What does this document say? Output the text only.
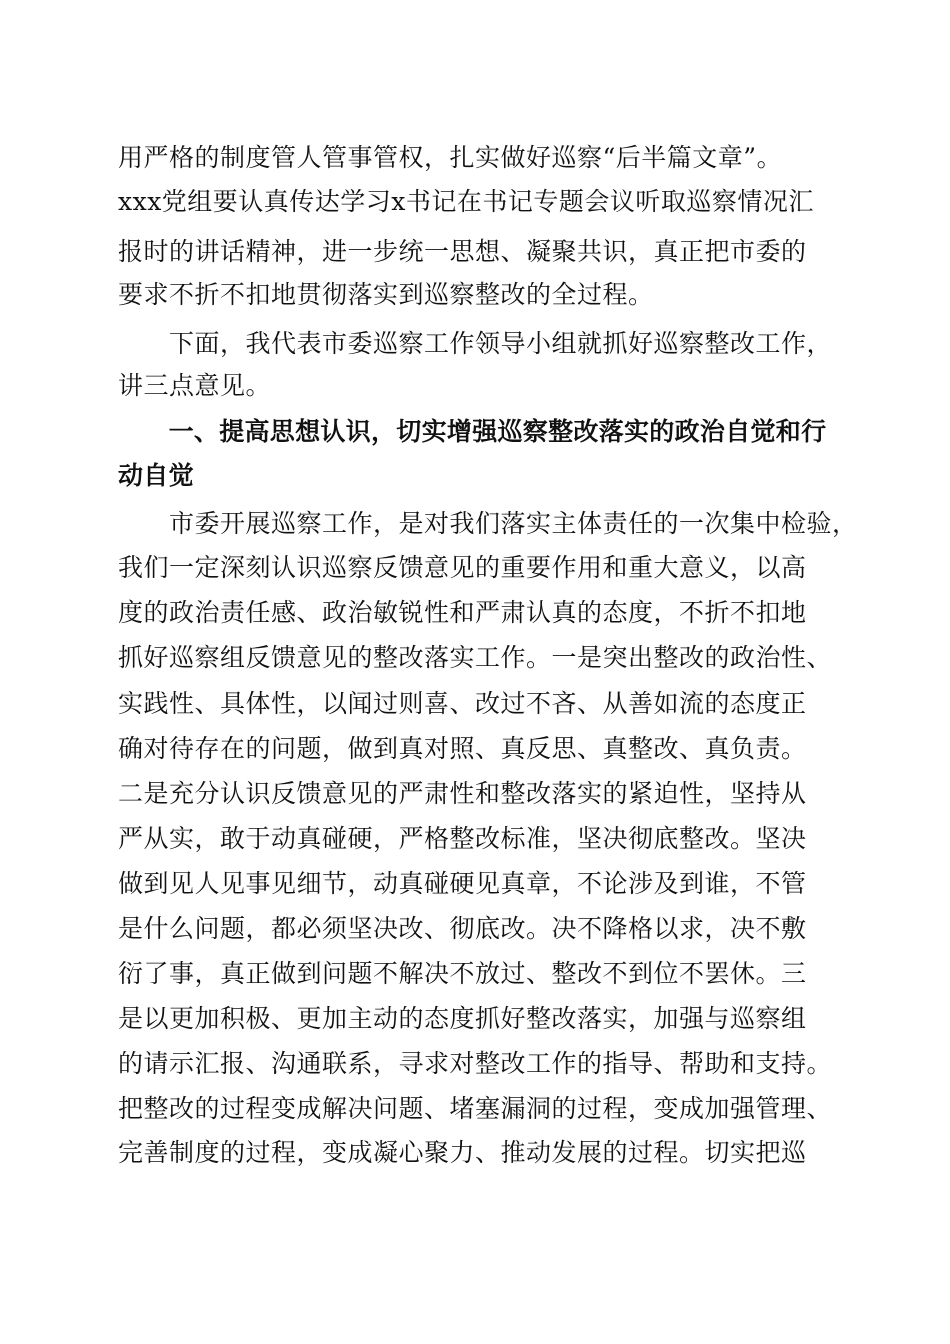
用严格的制度管人管事管权，扎实做好巡察“后半篇文章”。
xxx党组要认真传达学习x书记在书记专题会议听取巡察情况汇
报时的讲话精神，进一步统一思想、凝聚共识，真正把市委的
要求不折不扣地贯彻落实到巡察整改的全过程。
　　下面，我代表市委巡察工作领导小组就抓好巡察整改工作，
讲三点意见。
　　一、提高思想认识，切实增强巡察整改落实的政治自觉和行
动自觉
　　市委开展巡察工作，是对我们落实主体责任的一次集中检验，
我们一定深刻认识巡察反馈意见的重要作用和重大意义，以高
度的政治责任感、政治敏锐性和严肃认真的态度，不折不扣地
抓好巡察组反馈意见的整改落实工作。一是突出整改的政治性、
实践性、具体性，以闻过则喜、改过不吝、从善如流的态度正
确对待存在的问题，做到真对照、真反思、真整改、真负责。
二是充分认识反馈意见的严肃性和整改落实的紧迫性，坚持从
严从实，敢于动真碰硬，严格整改标准，坚决彻底整改。坚决
做到见人见事见细节，动真碰硬见真章，不论涉及到谁，不管
是什么问题，都必须坚决改、彻底改。决不降格以求，决不敷
衍了事，真正做到问题不解决不放过、整改不到位不罢休。三
是以更加积极、更加主动的态度抓好整改落实，加强与巡察组
的请示汇报、沟通联系，寻求对整改工作的指导、帮助和支持。
把整改的过程变成解决问题、堵塞漏洞的过程，变成加强管理、
完善制度的过程，变成凝心聚力、推动发展的过程。切实把巡
